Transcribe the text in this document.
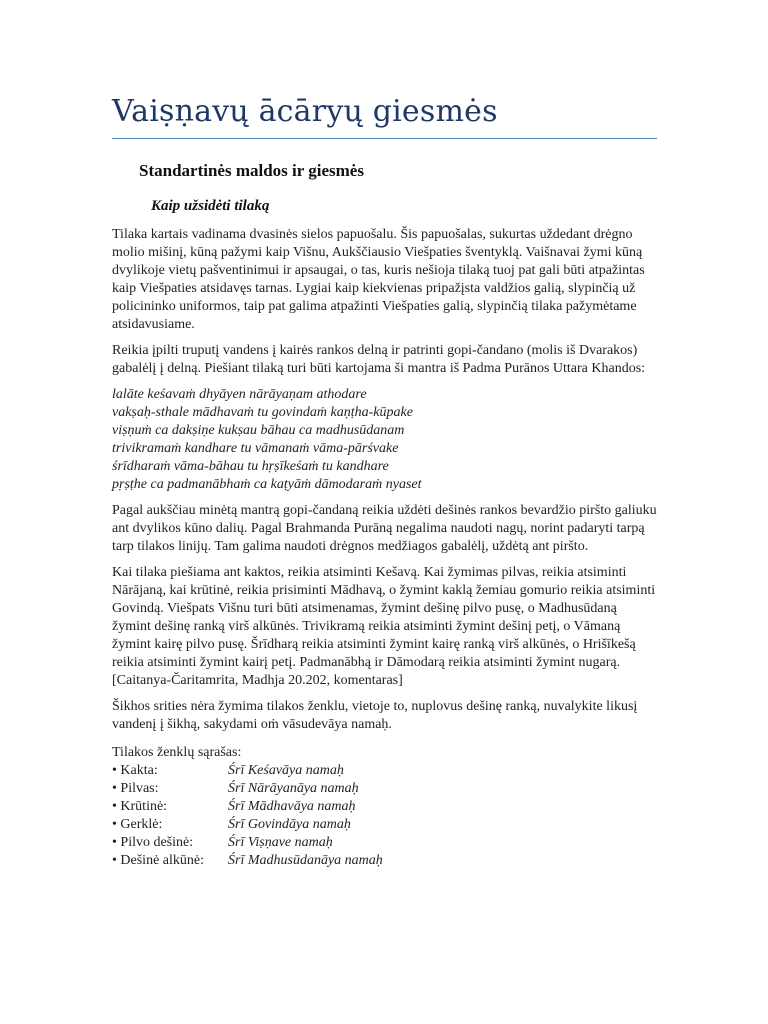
Vaiṣṇavų ācāryų giesmės
Standartinės maldos ir giesmės
Kaip užsidėti tilaką

Tilaka kartais vadinama dvasinės sielos papuošalu. Šis papuošalas, sukurtas uždedant drėgno molio mišinį, kūną pažymi kaip Višnu, Aukščiausio Viešpaties šventyklą. Vaišnavai žymi kūną dvylikoje vietų pašventinimui ir apsaugai, o tas, kuris nešioja tilaką tuoj pat gali būti atpažintas kaip Viešpaties atsidavęs tarnas. Lygiai kaip kiekvienas pripažįsta valdžios galią, slypinčią už policininko uniformos, taip pat galima atpažinti Viešpaties galią, slypinčią tilaka pažymėtame atsidavusiame.

Reikia įpilti truputį vandens į kairės rankos delną ir patrinti gopi-čandano (molis iš Dvarakos) gabalėlį į delną. Piešiant tilaką turi būti kartojama ši mantra iš Padma Purānos Uttara Khandos:

lalāte keśavaṁ dhyāyen nārāyaṇam athodare
vakṣaḥ-sthale mādhavaṁ tu govindaṁ kaṇṭha-kūpake
viṣṇuṁ ca dakṣiṇe kukṣau bāhau ca madhusūdanam
trivikramaṁ kandhare tu vāmanaṁ vāma-pārśvake
śrīdharaṁ vāma-bāhau tu hṛṣīkeśaṁ tu kandhare
pṛṣṭhe ca padmanābhaṁ ca kaṭyāṁ dāmodaraṁ nyaset

Pagal aukščiau minėtą mantrą gopi-čandaną reikia uždėti dešinės rankos bevardžio piršto galiuku ant dvylikos kūno dalių. Pagal Brahmanda Purāną negalima naudoti nagų, norint padaryti tarpą tarp tilakos linijų. Tam galima naudoti drėgnos medžiagos gabalėlį, uždėtą ant piršto.

Kai tilaka piešiama ant kaktos, reikia atsiminti Kešavą. Kai žymimas pilvas, reikia atsiminti Nārājaną, kai krūtinė, reikia prisiminti Mādhavą, o žymint kaklą žemiau gomurio reikia atsiminti Govindą. Viešpats Višnu turi būti atsimenamas, žymint dešinę pilvo pusę, o Madhusūdaną žymint dešinę ranką virš alkūnės. Trivikramą reikia atsiminti žymint dešinį petį, o Vāmaną žymint kairę pilvo pusę. Šrīdharą reikia atsiminti žymint kairę ranką virš alkūnės, o Hrišīkešą reikia atsiminti žymint kairį petį. Padmanābhą ir Dāmodarą reikia atsiminti žymint nugarą. [Caitanya-Čaritamrita, Madhja 20.202, komentaras]

Šikhos srities nėra žymima tilakos ženklu, vietoje to, nuplovus dešinę ranką, nuvalykite likusį vandenį į šikhą, sakydami oṁ vāsudevāya namaḥ.

Tilakos ženklų sąrašas:
• Kakta:	Śrī Keśavāya namaḥ
• Pilvas:	Śrī Nārāyanāya namaḥ
• Krūtinė:	Śrī Mādhavāya namaḥ
• Gerklė:	Śrī Govindāya namaḥ
• Pilvo dešinė:	Śrī Viṣṇave namaḥ
• Dešinė alkūnė:	Śrī Madhusūdanāya namaḥ
